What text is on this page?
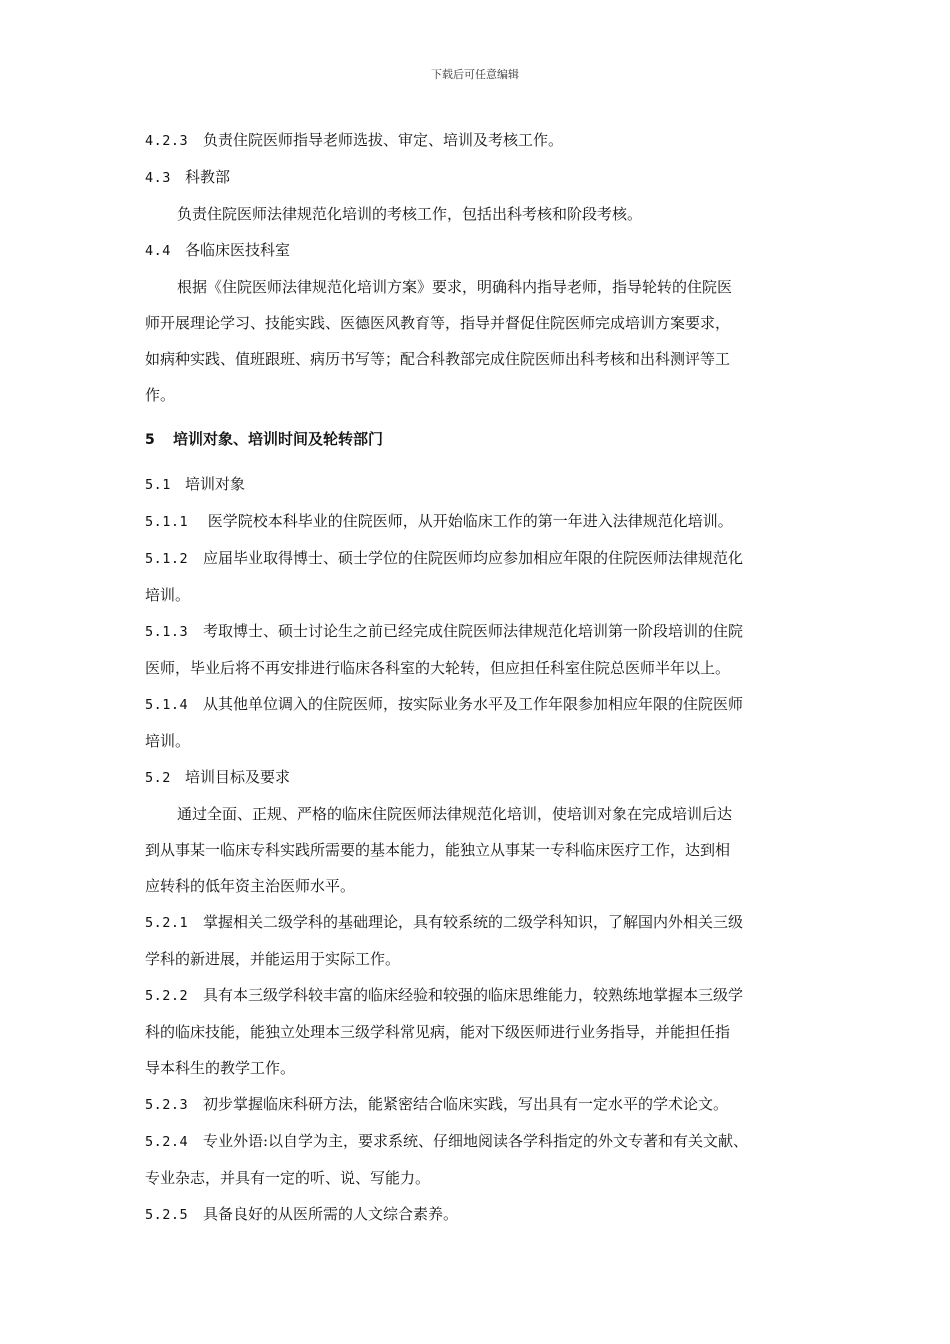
下载后可任意编辑
4.2.3 负责住院医师指导老师选拔、审定、培训及考核工作。
4.3 科教部
负责住院医师法律规范化培训的考核工作，包括出科考核和阶段考核。
4.4 各临床医技科室
根据《住院医师法律规范化培训方案》要求，明确科内指导老师，指导轮转的住院医
师开展理论学习、技能实践、医德医风教育等，指导并督促住院医师完成培训方案要求，
如病种实践、值班跟班、病历书写等；配合科教部完成住院医师出科考核和出科测评等工
作。
5 培训对象、培训时间及轮转部门
5.1 培训对象
5.1.1 医学院校本科毕业的住院医师，从开始临床工作的第一年进入法律规范化培训。
5.1.2 应届毕业取得博士、硕士学位的住院医师均应参加相应年限的住院医师法律规范化
培训。
5.1.3 考取博士、硕士讨论生之前已经完成住院医师法律规范化培训第一阶段培训的住院
医师，毕业后将不再安排进行临床各科室的大轮转，但应担任科室住院总医师半年以上。
5.1.4 从其他单位调入的住院医师，按实际业务水平及工作年限参加相应年限的住院医师
培训。
5.2 培训目标及要求
通过全面、正规、严格的临床住院医师法律规范化培训，使培训对象在完成培训后达
到从事某一临床专科实践所需要的基本能力，能独立从事某一专科临床医疗工作，达到相
应转科的低年资主治医师水平。
5.2.1 掌握相关二级学科的基础理论，具有较系统的二级学科知识，了解国内外相关三级
学科的新进展，并能运用于实际工作。
5.2.2 具有本三级学科较丰富的临床经验和较强的临床思维能力，较熟练地掌握本三级学
科的临床技能，能独立处理本三级学科常见病，能对下级医师进行业务指导，并能担任指
导本科生的教学工作。
5.2.3 初步掌握临床科研方法，能紧密结合临床实践，写出具有一定水平的学术论文。
5.2.4 专业外语:以自学为主，要求系统、仔细地阅读各学科指定的外文专著和有关文献、
专业杂志，并具有一定的听、说、写能力。
5.2.5 具备良好的从医所需的人文综合素养。
